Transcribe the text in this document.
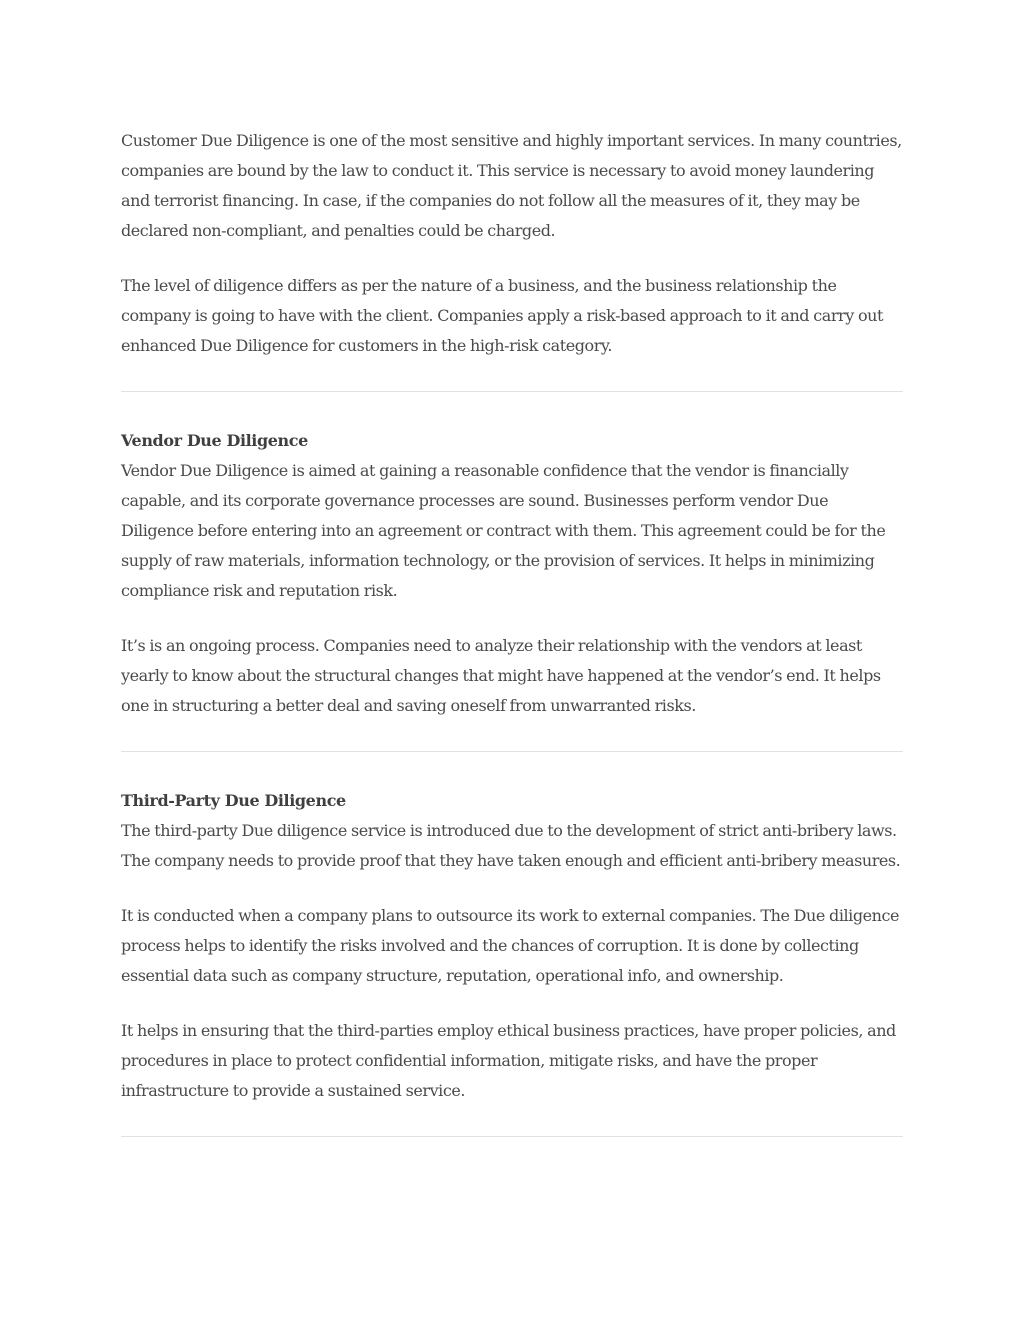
Customer Due Diligence is one of the most sensitive and highly important services. In many countries, companies are bound by the law to conduct it. This service is necessary to avoid money laundering and terrorist financing. In case, if the companies do not follow all the measures of it, they may be declared non-compliant, and penalties could be charged.

The level of diligence differs as per the nature of a business, and the business relationship the company is going to have with the client. Companies apply a risk-based approach to it and carry out enhanced Due Diligence for customers in the high-risk category.

Vendor Due Diligence

Vendor Due Diligence is aimed at gaining a reasonable confidence that the vendor is financially capable, and its corporate governance processes are sound. Businesses perform vendor Due Diligence before entering into an agreement or contract with them. This agreement could be for the supply of raw materials, information technology, or the provision of services. It helps in minimizing compliance risk and reputation risk.

It’s is an ongoing process. Companies need to analyze their relationship with the vendors at least yearly to know about the structural changes that might have happened at the vendor’s end. It helps one in structuring a better deal and saving oneself from unwarranted risks.

Third-Party Due Diligence

The third-party Due diligence service is introduced due to the development of strict anti-bribery laws. The company needs to provide proof that they have taken enough and efficient anti-bribery measures.

It is conducted when a company plans to outsource its work to external companies. The Due diligence process helps to identify the risks involved and the chances of corruption. It is done by collecting essential data such as company structure, reputation, operational info, and ownership.

It helps in ensuring that the third-parties employ ethical business practices, have proper policies, and procedures in place to protect confidential information, mitigate risks, and have the proper infrastructure to provide a sustained service.
